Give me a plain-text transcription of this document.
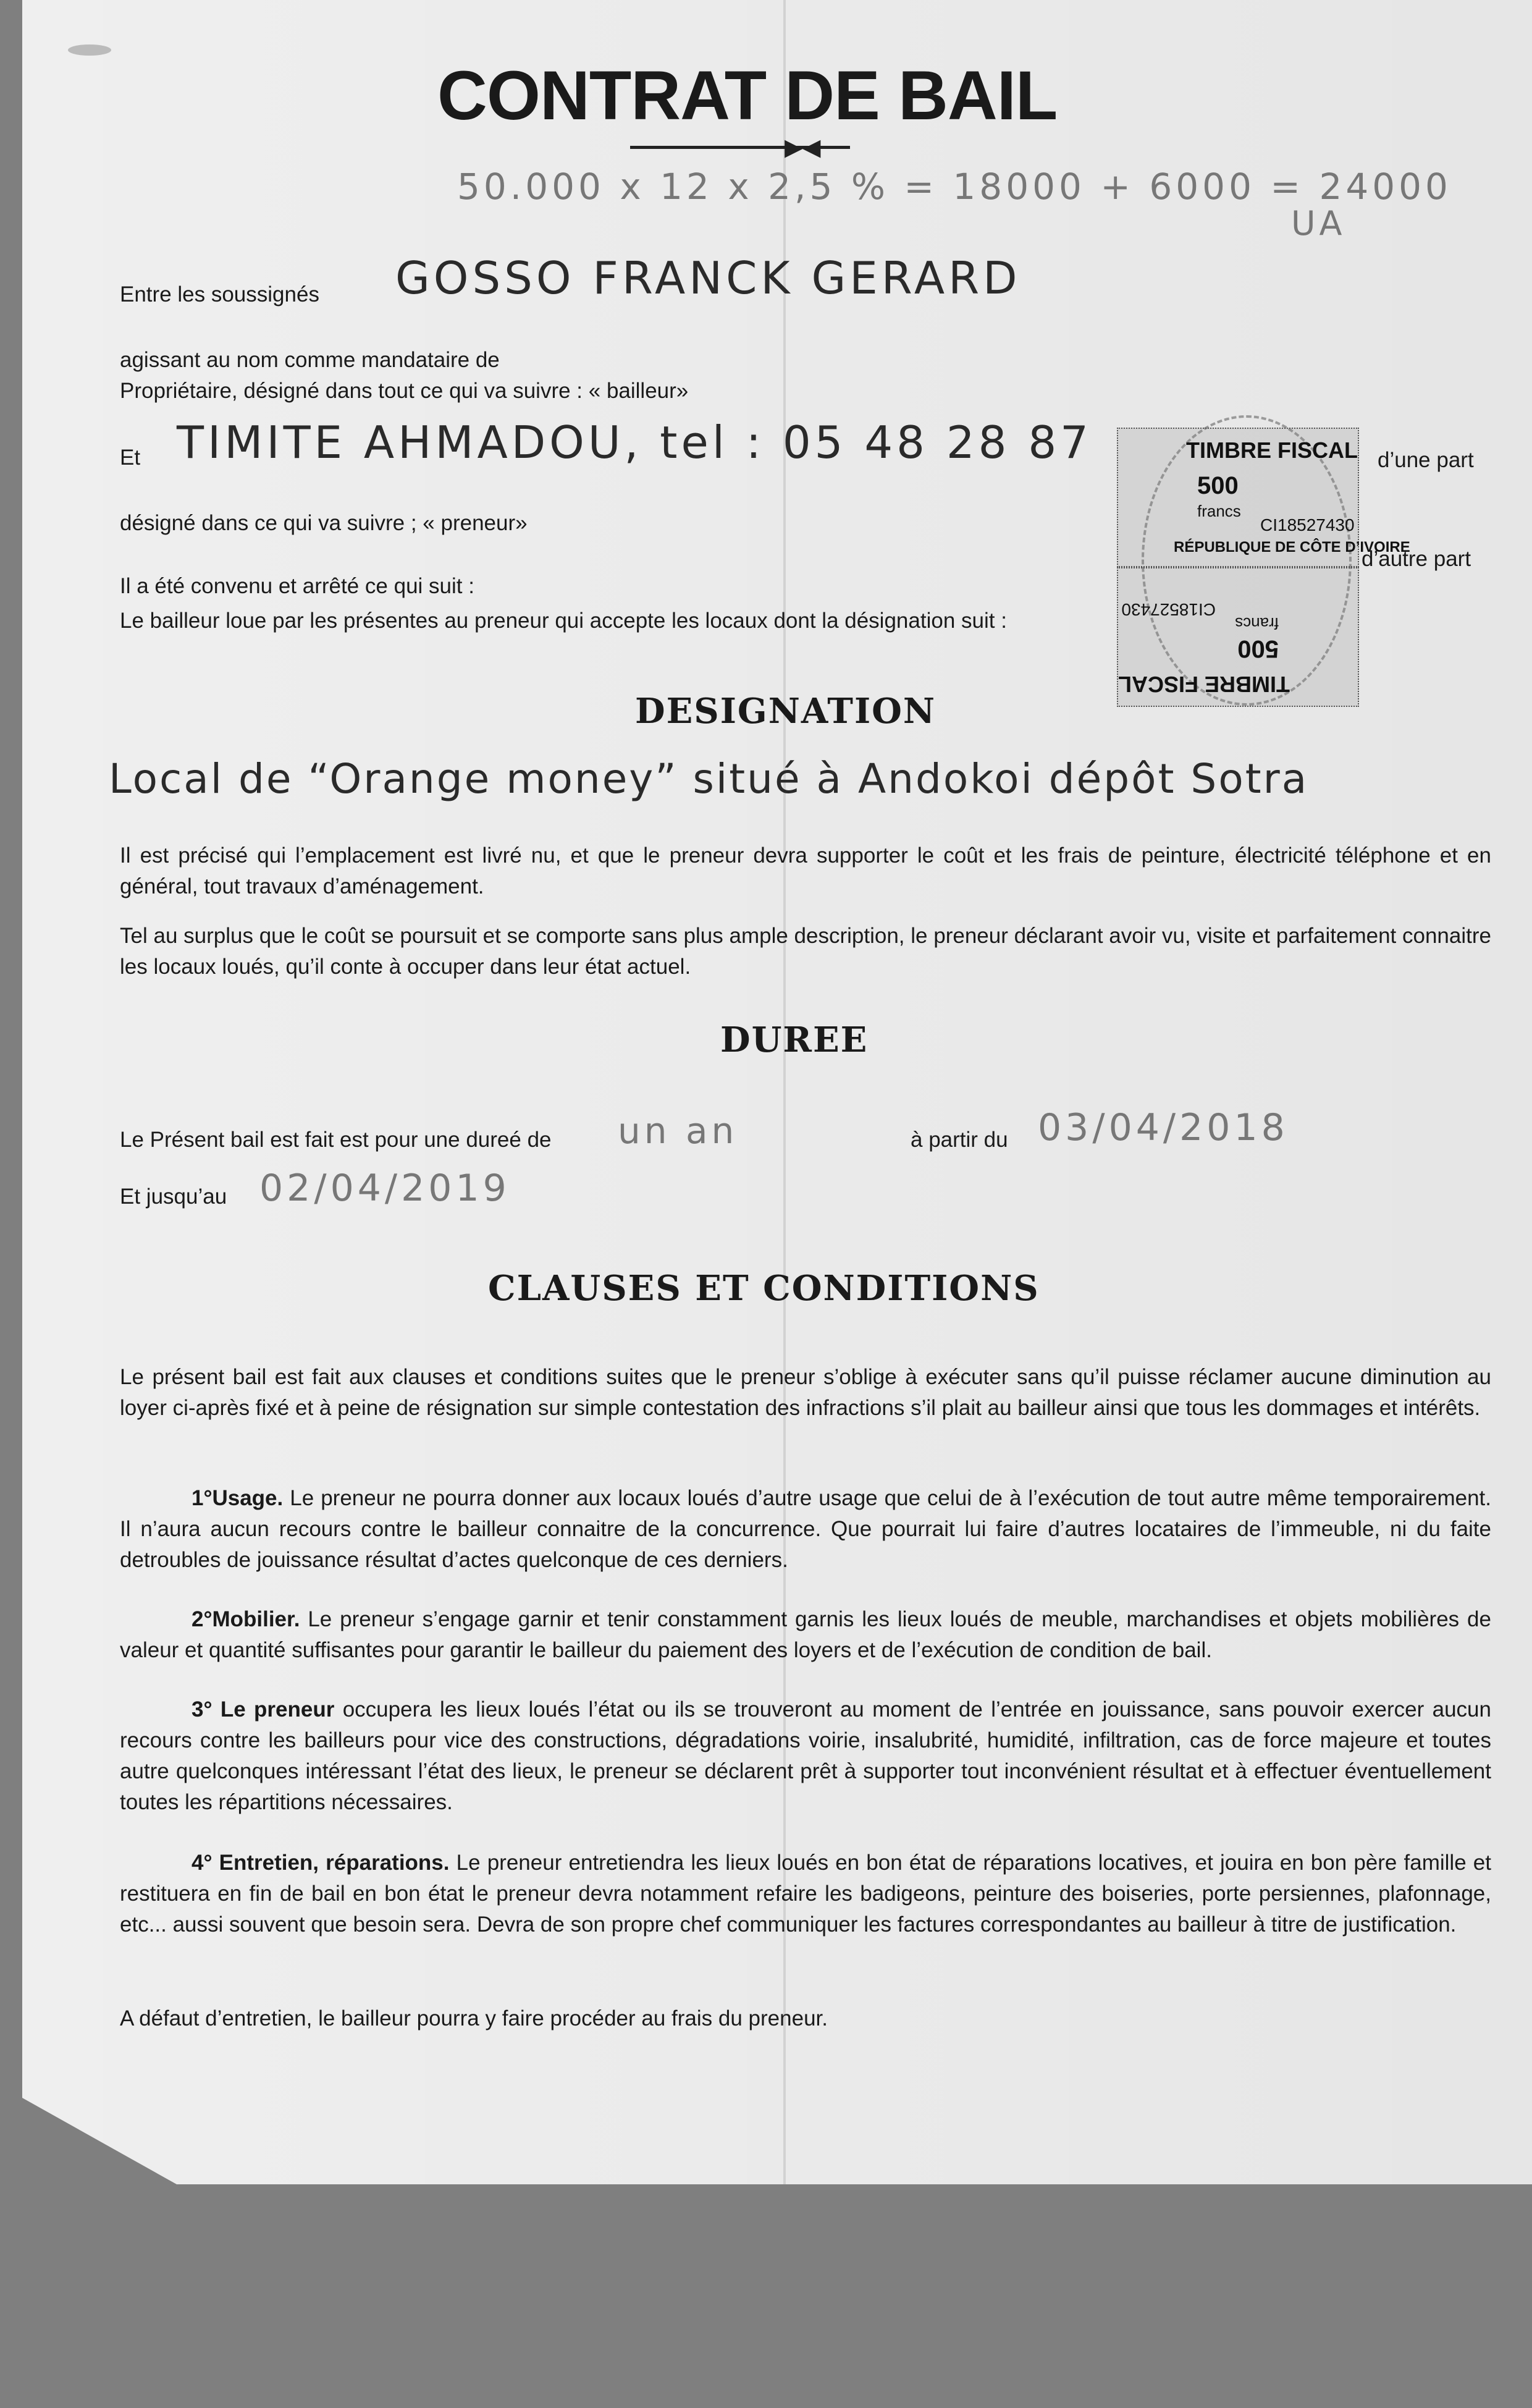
CONTRAT DE BAIL
▶◀
50.000 x 12 x 2,5 % = 18000 + 6000 = 24000
UA
Entre les soussignés GOSSO FRANCK GERARD
agissant au nom comme mandataire de
Propriétaire, désigné dans tout ce qui va suivre : « bailleur»
Et TIMITE AHMADOU, tel : 05 48 28 87	d’une part
désigné dans ce qui va suivre ; « preneur»
d’autre part
Il a été convenu et arrêté ce qui suit :
Le bailleur loue par les présentes au preneur qui accepte les locaux dont la désignation suit :
TIMBRE FISCAL
500
francs
CI18527430
RÉPUBLIQUE DE CÔTE D’IVOIRE
TIMBRE FISCAL
500
francs
CI18527430
DESIGNATION
Local de “Orange money” situé à Andokoi dépôt Sotra
Il est précisé qui l’emplacement est livré nu, et que le preneur devra supporter le coût et les frais de peinture, électricité téléphone et en général, tout travaux d’aménagement.
Tel au surplus que le coût se poursuit et se comporte sans plus ample description, le preneur déclarant avoir vu, visite et parfaitement connaitre les locaux loués, qu’il conte à occuper dans leur état actuel.
DUREE
Le Présent bail est fait est pour une dureé de un an	à partir du 03/04/2018
Et jusqu’au 02/04/2019
CLAUSES ET CONDITIONS
Le présent bail est fait aux clauses et conditions suites que le preneur s’oblige à exécuter sans qu’il puisse réclamer aucune diminution au loyer ci-après fixé et à peine de résignation sur simple contestation des infractions s’il plait au bailleur ainsi que tous les dommages et intérêts.
1°Usage. Le preneur ne pourra donner aux locaux loués d’autre usage que celui de à l’exécution de tout autre même temporairement. Il n’aura aucun recours contre le bailleur connaitre de la concurrence. Que pourrait lui faire d’autres locataires de l’immeuble, ni du faite detroubles de jouissance résultat d’actes quelconque de ces derniers.
2°Mobilier. Le preneur s’engage garnir et tenir constamment garnis les lieux loués de meuble, marchandises et objets mobilières de valeur et quantité suffisantes pour garantir le bailleur du paiement des loyers et de l’exécution de condition de bail.
3° Le preneur occupera les lieux loués l’état ou ils se trouveront au moment de l’entrée en jouissance, sans pouvoir exercer aucun recours contre les bailleurs pour vice des constructions, dégradations voirie, insalubrité, humidité, infiltration, cas de force majeure et toutes autre quelconques intéressant l’état des lieux, le preneur se déclarent prêt à supporter tout inconvénient résultat et à effectuer éventuellement toutes les répartitions nécessaires.
4° Entretien, réparations. Le preneur entretiendra les lieux loués en bon état de réparations locatives, et jouira en bon père famille et restituera en fin de bail en bon état le preneur devra notamment refaire les badigeons, peinture des boiseries, porte persiennes, plafonnage, etc... aussi souvent que besoin sera. Devra de son propre chef communiquer les factures correspondantes au bailleur à titre de justification.
A défaut d’entretien, le bailleur pourra y faire procéder au frais du preneur.
